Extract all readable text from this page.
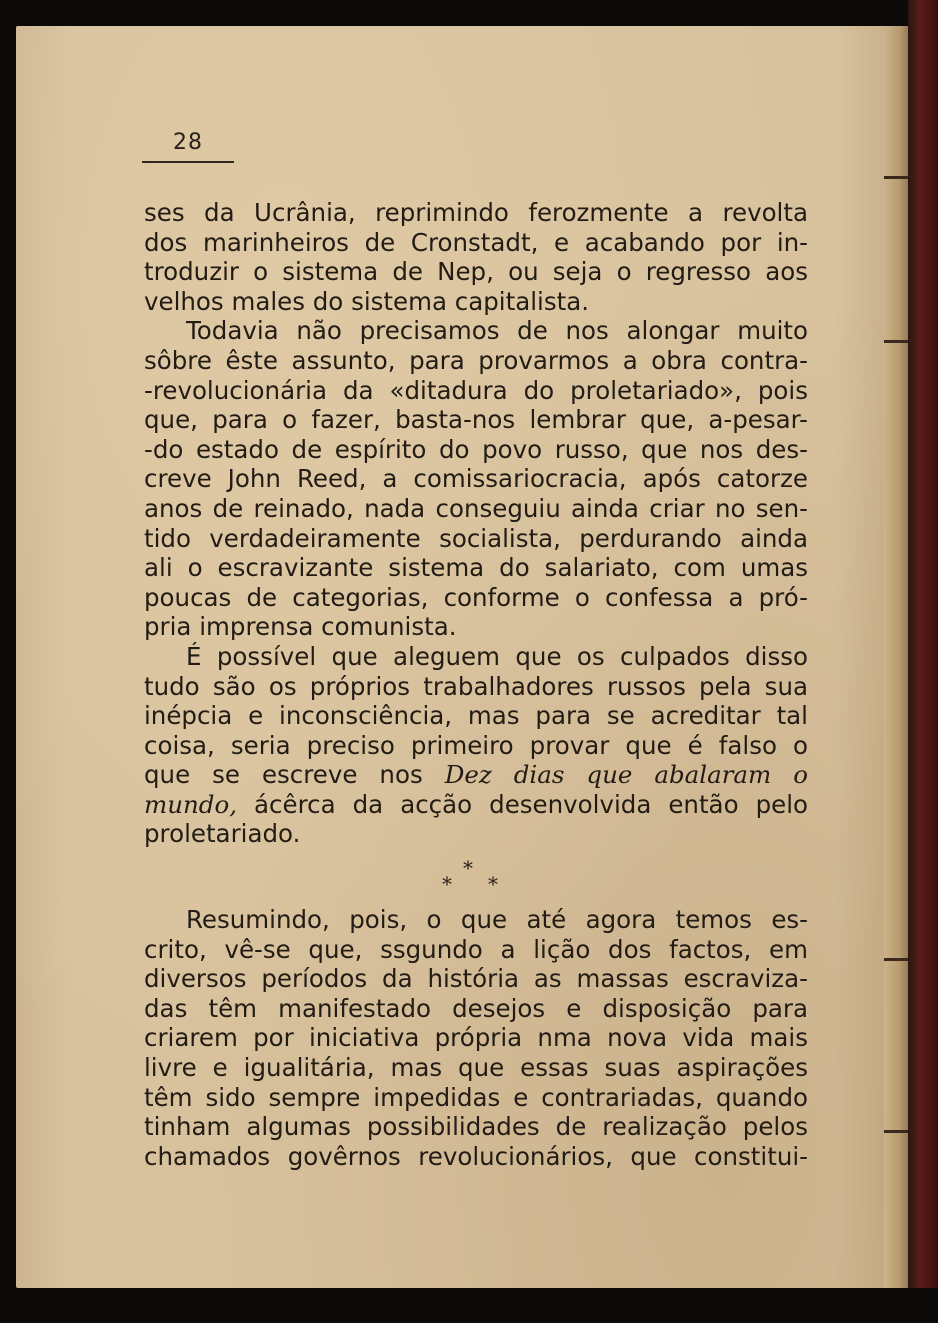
28
ses da Ucrânia, reprimindo ferozmente a revolta
dos marinheiros de Cronstadt, e acabando por in-
troduzir o sistema de Nep, ou seja o regresso aos
velhos males do sistema capitalista.
Todavia não precisamos de nos alongar muito
sôbre êste assunto, para provarmos a obra contra-
-revolucionária da «ditadura do proletariado», pois
que, para o fazer, basta-nos lembrar que, a-pesar-
-do estado de espírito do povo russo, que nos des-
creve John Reed, a comissariocracia, após catorze
anos de reinado, nada conseguiu ainda criar no sen-
tido verdadeiramente socialista, perdurando ainda
ali o escravizante sistema do salariato, com umas
poucas de categorias, conforme o confessa a pró-
pria imprensa comunista.
É possível que aleguem que os culpados disso
tudo são os próprios trabalhadores russos pela sua
inépcia e inconsciência, mas para se acreditar tal
coisa, seria preciso primeiro provar que é falso o
que se escreve nos Dez dias que abalaram o
mundo, ácêrca da acção desenvolvida então pelo
proletariado.
*
* *
Resumindo, pois, o que até agora temos es-
crito, vê-se que, ssgundo a lição dos factos, em
diversos períodos da história as massas escraviza-
das têm manifestado desejos e disposição para
criarem por iniciativa própria nma nova vida mais
livre e igualitária, mas que essas suas aspirações
têm sido sempre impedidas e contrariadas, quando
tinham algumas possibilidades de realização pelos
chamados govêrnos revolucionários, que constitui-
